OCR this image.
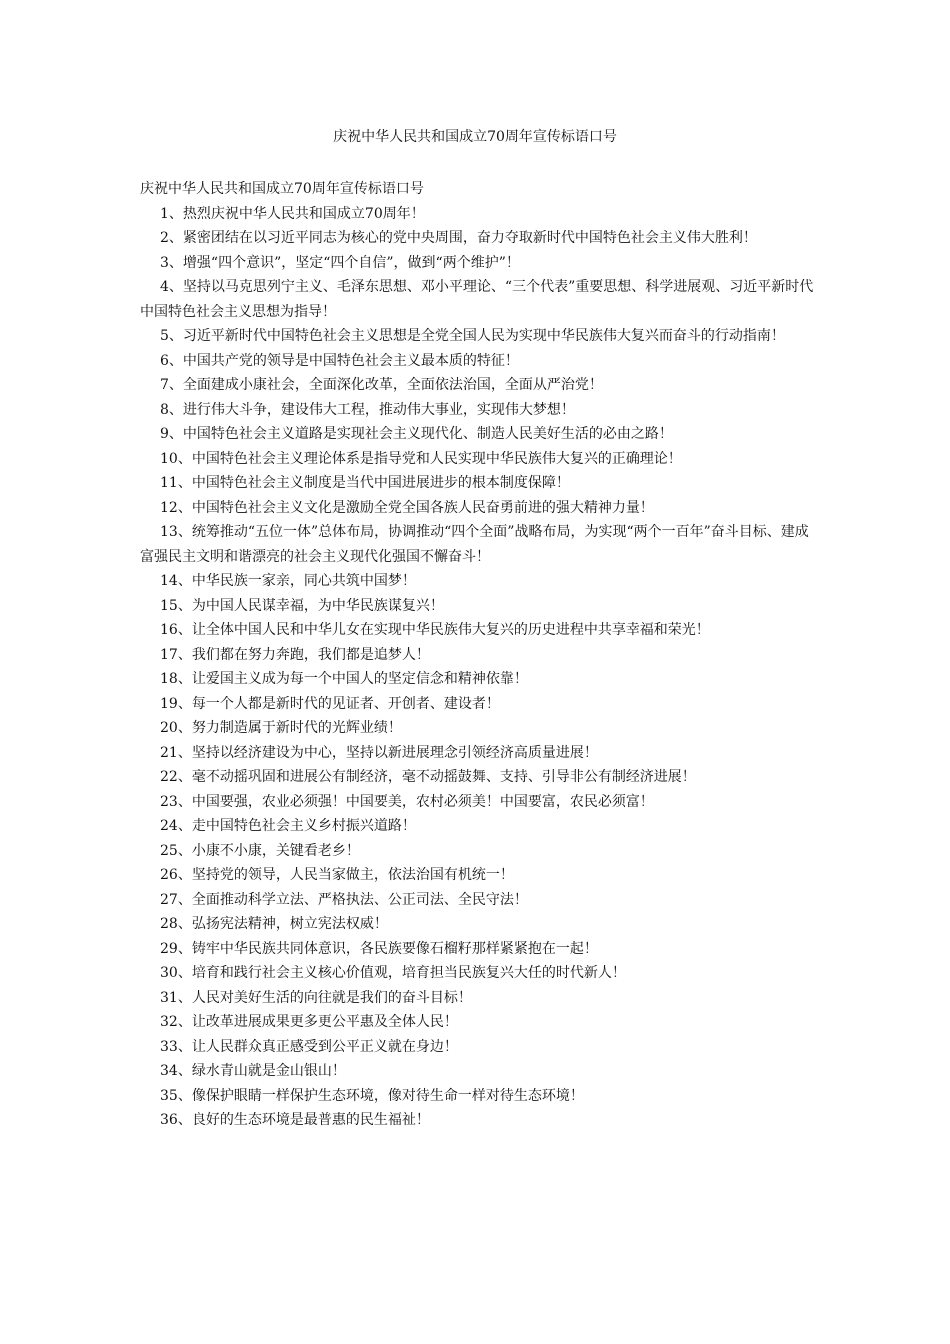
庆祝中华人民共和国成立70周年宣传标语口号

庆祝中华人民共和国成立70周年宣传标语口号

1、热烈庆祝中华人民共和国成立70周年！
2、紧密团结在以习近平同志为核心的党中央周围，奋力夺取新时代中国特色社会主义伟大胜利！
3、增强“四个意识”，坚定“四个自信”，做到“两个维护”！
4、坚持以马克思列宁主义、毛泽东思想、邓小平理论、“三个代表”重要思想、科学进展观、习近平新时代中国特色社会主义思想为指导！
5、习近平新时代中国特色社会主义思想是全党全国人民为实现中华民族伟大复兴而奋斗的行动指南！
6、中国共产党的领导是中国特色社会主义最本质的特征！
7、全面建成小康社会，全面深化改革，全面依法治国，全面从严治党！
8、进行伟大斗争，建设伟大工程，推动伟大事业，实现伟大梦想！
9、中国特色社会主义道路是实现社会主义现代化、制造人民美好生活的必由之路！
10、中国特色社会主义理论体系是指导党和人民实现中华民族伟大复兴的正确理论！
11、中国特色社会主义制度是当代中国进展进步的根本制度保障！
12、中国特色社会主义文化是激励全党全国各族人民奋勇前进的强大精神力量！
13、统筹推动“五位一体”总体布局，协调推动“四个全面”战略布局，为实现“两个一百年”奋斗目标、建成富强民主文明和谐漂亮的社会主义现代化强国不懈奋斗！
14、中华民族一家亲，同心共筑中国梦！
15、为中国人民谋幸福，为中华民族谋复兴！
16、让全体中国人民和中华儿女在实现中华民族伟大复兴的历史进程中共享幸福和荣光！
17、我们都在努力奔跑，我们都是追梦人！
18、让爱国主义成为每一个中国人的坚定信念和精神依靠！
19、每一个人都是新时代的见证者、开创者、建设者！
20、努力制造属于新时代的光辉业绩！
21、坚持以经济建设为中心，坚持以新进展理念引领经济高质量进展！
22、毫不动摇巩固和进展公有制经济，毫不动摇鼓舞、支持、引导非公有制经济进展！
23、中国要强，农业必须强！中国要美，农村必须美！中国要富，农民必须富！
24、走中国特色社会主义乡村振兴道路！
25、小康不小康，关键看老乡！
26、坚持党的领导，人民当家做主，依法治国有机统一！
27、全面推动科学立法、严格执法、公正司法、全民守法！
28、弘扬宪法精神，树立宪法权威！
29、铸牢中华民族共同体意识，各民族要像石榴籽那样紧紧抱在一起！
30、培育和践行社会主义核心价值观，培育担当民族复兴大任的时代新人！
31、人民对美好生活的向往就是我们的奋斗目标！
32、让改革进展成果更多更公平惠及全体人民！
33、让人民群众真正感受到公平正义就在身边！
34、绿水青山就是金山银山！
35、像保护眼睛一样保护生态环境，像对待生命一样对待生态环境！
36、良好的生态环境是最普惠的民生福祉！
